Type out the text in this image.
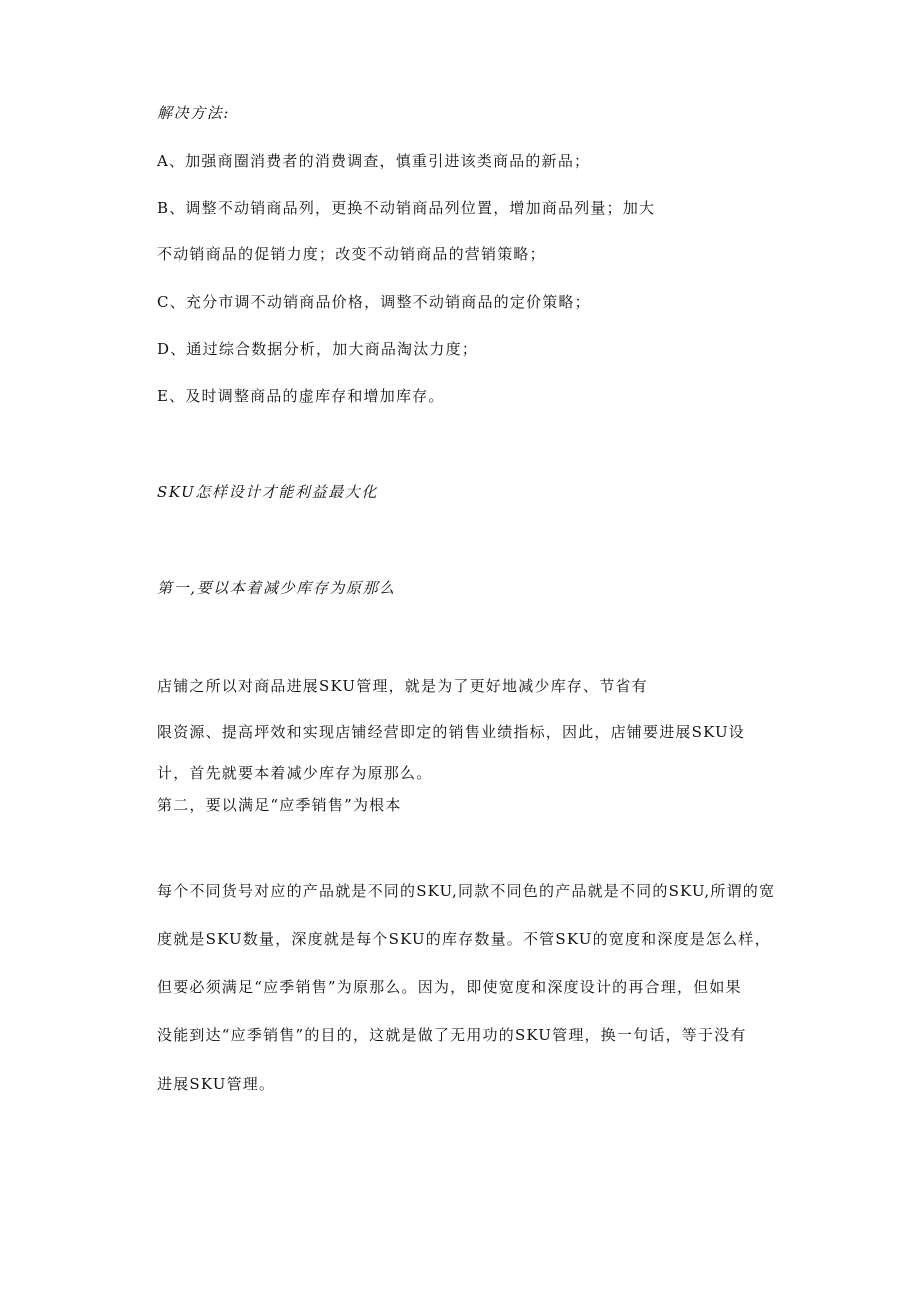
解决方法:
A、加强商圈消费者的消费调查，慎重引进该类商品的新品；
B、调整不动销商品列，更换不动销商品列位置，增加商品列量；加大
不动销商品的促销力度；改变不动销商品的营销策略；
C、充分市调不动销商品价格，调整不动销商品的定价策略；
D、通过综合数据分析，加大商品淘汰力度；
E、及时调整商品的虚库存和增加库存。
SKU怎样设计才能利益最大化
第一,要以本着减少库存为原那么
店铺之所以对商品进展SKU管理，就是为了更好地减少库存、节省有
限资源、提高坪效和实现店铺经营即定的销售业绩指标，因此，店铺要进展SKU设
计，首先就要本着减少库存为原那么。
第二，要以满足“应季销售”为根本
每个不同货号对应的产品就是不同的SKU,同款不同色的产品就是不同的SKU,所谓的宽
度就是SKU数量，深度就是每个SKU的库存数量。不管SKU的宽度和深度是怎么样，
但要必须满足“应季销售”为原那么。因为，即使宽度和深度设计的再合理，但如果
没能到达“应季销售”的目的，这就是做了无用功的SKU管理，换一句话，等于没有
进展SKU管理。
